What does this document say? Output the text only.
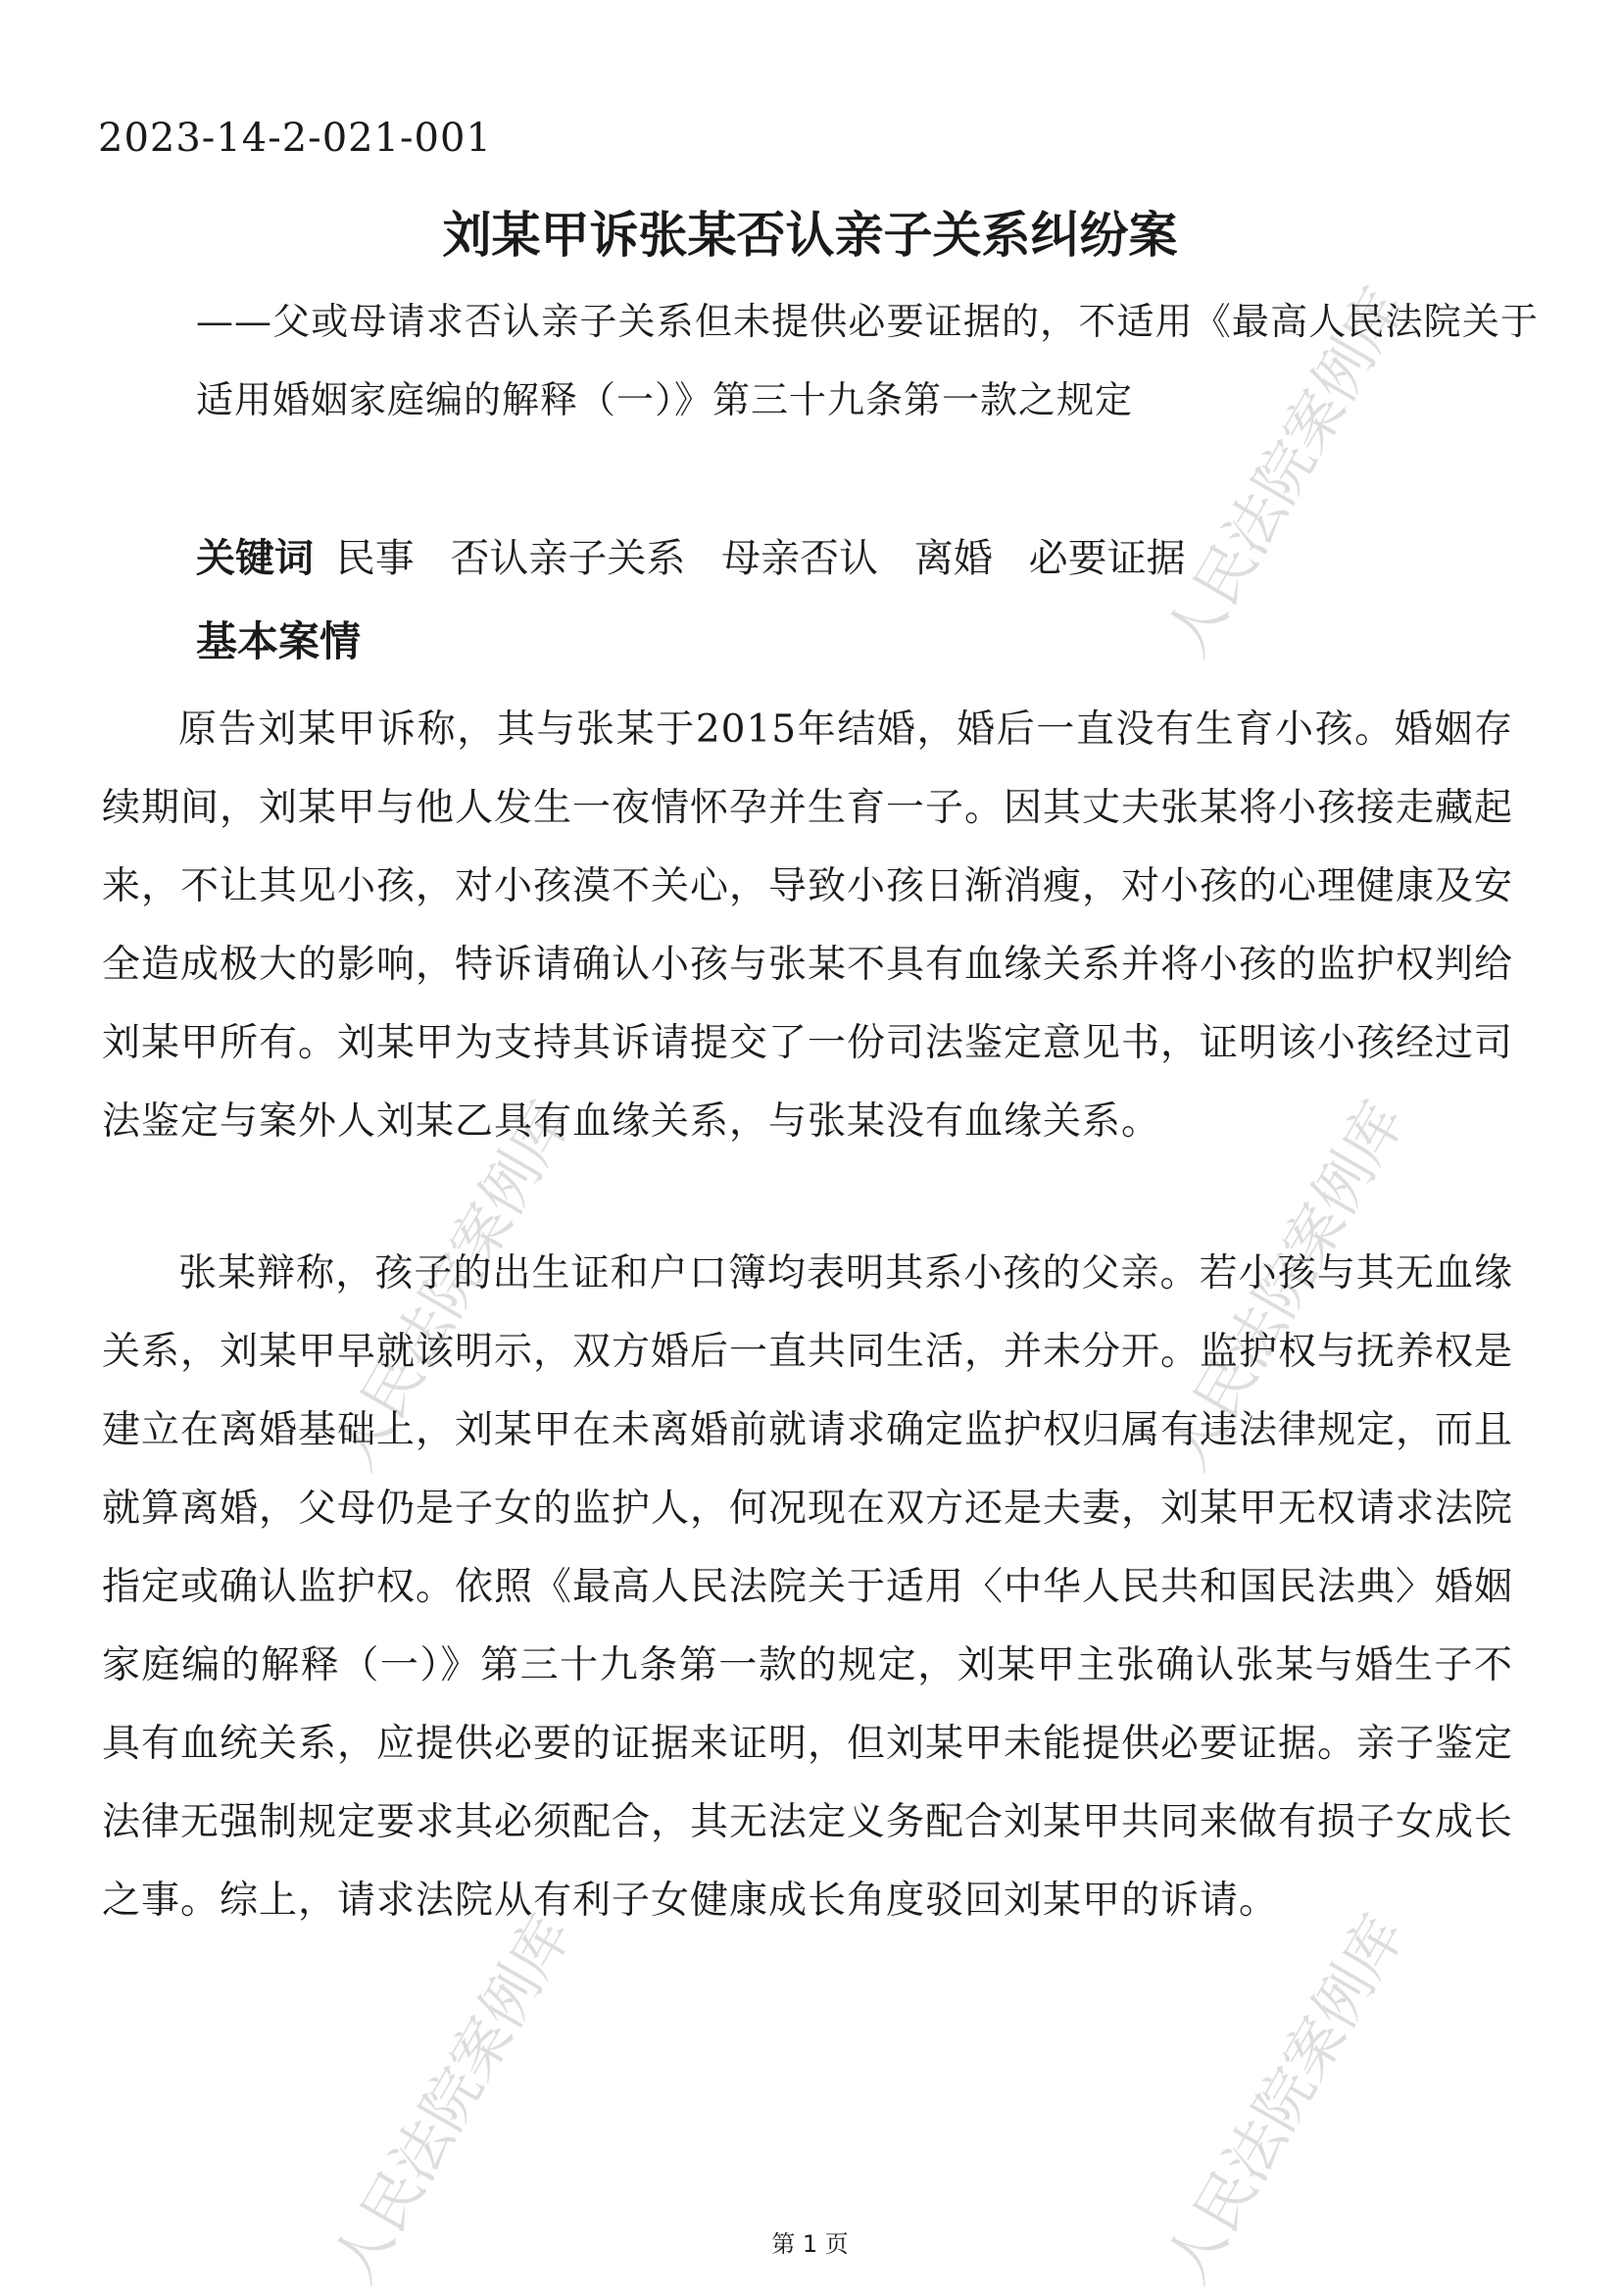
2023-14-2-021-001

刘某甲诉张某否认亲子关系纠纷案

——父或母请求否认亲子关系但未提供必要证据的，不适用《最高人民法院关于适用婚姻家庭编的解释（一）》第三十九条第一款之规定

关键词 民事 否认亲子关系 母亲否认 离婚 必要证据

基本案情

原告刘某甲诉称，其与张某于2015年结婚，婚后一直没有生育小孩。婚姻存续期间，刘某甲与他人发生一夜情怀孕并生育一子。因其丈夫张某将小孩接走藏起来，不让其见小孩，对小孩漠不关心，导致小孩日渐消瘦，对小孩的心理健康及安全造成极大的影响，特诉请确认小孩与张某不具有血缘关系并将小孩的监护权判给刘某甲所有。刘某甲为支持其诉请提交了一份司法鉴定意见书，证明该小孩经过司法鉴定与案外人刘某乙具有血缘关系，与张某没有血缘关系。

张某辩称，孩子的出生证和户口簿均表明其系小孩的父亲。若小孩与其无血缘关系，刘某甲早就该明示，双方婚后一直共同生活，并未分开。监护权与抚养权是建立在离婚基础上，刘某甲在未离婚前就请求确定监护权归属有违法律规定，而且就算离婚，父母仍是子女的监护人，何况现在双方还是夫妻，刘某甲无权请求法院指定或确认监护权。依照《最高人民法院关于适用〈中华人民共和国民法典〉婚姻家庭编的解释（一）》第三十九条第一款的规定，刘某甲主张确认张某与婚生子不具有血统关系，应提供必要的证据来证明，但刘某甲未能提供必要证据。亲子鉴定法律无强制规定要求其必须配合，其无法定义务配合刘某甲共同来做有损子女成长之事。综上，请求法院从有利子女健康成长角度驳回刘某甲的诉请。

第 1 页

人民法院案例库
人民法院案例库	人民法院案例库
人民法院案例库	人民法院案例库
